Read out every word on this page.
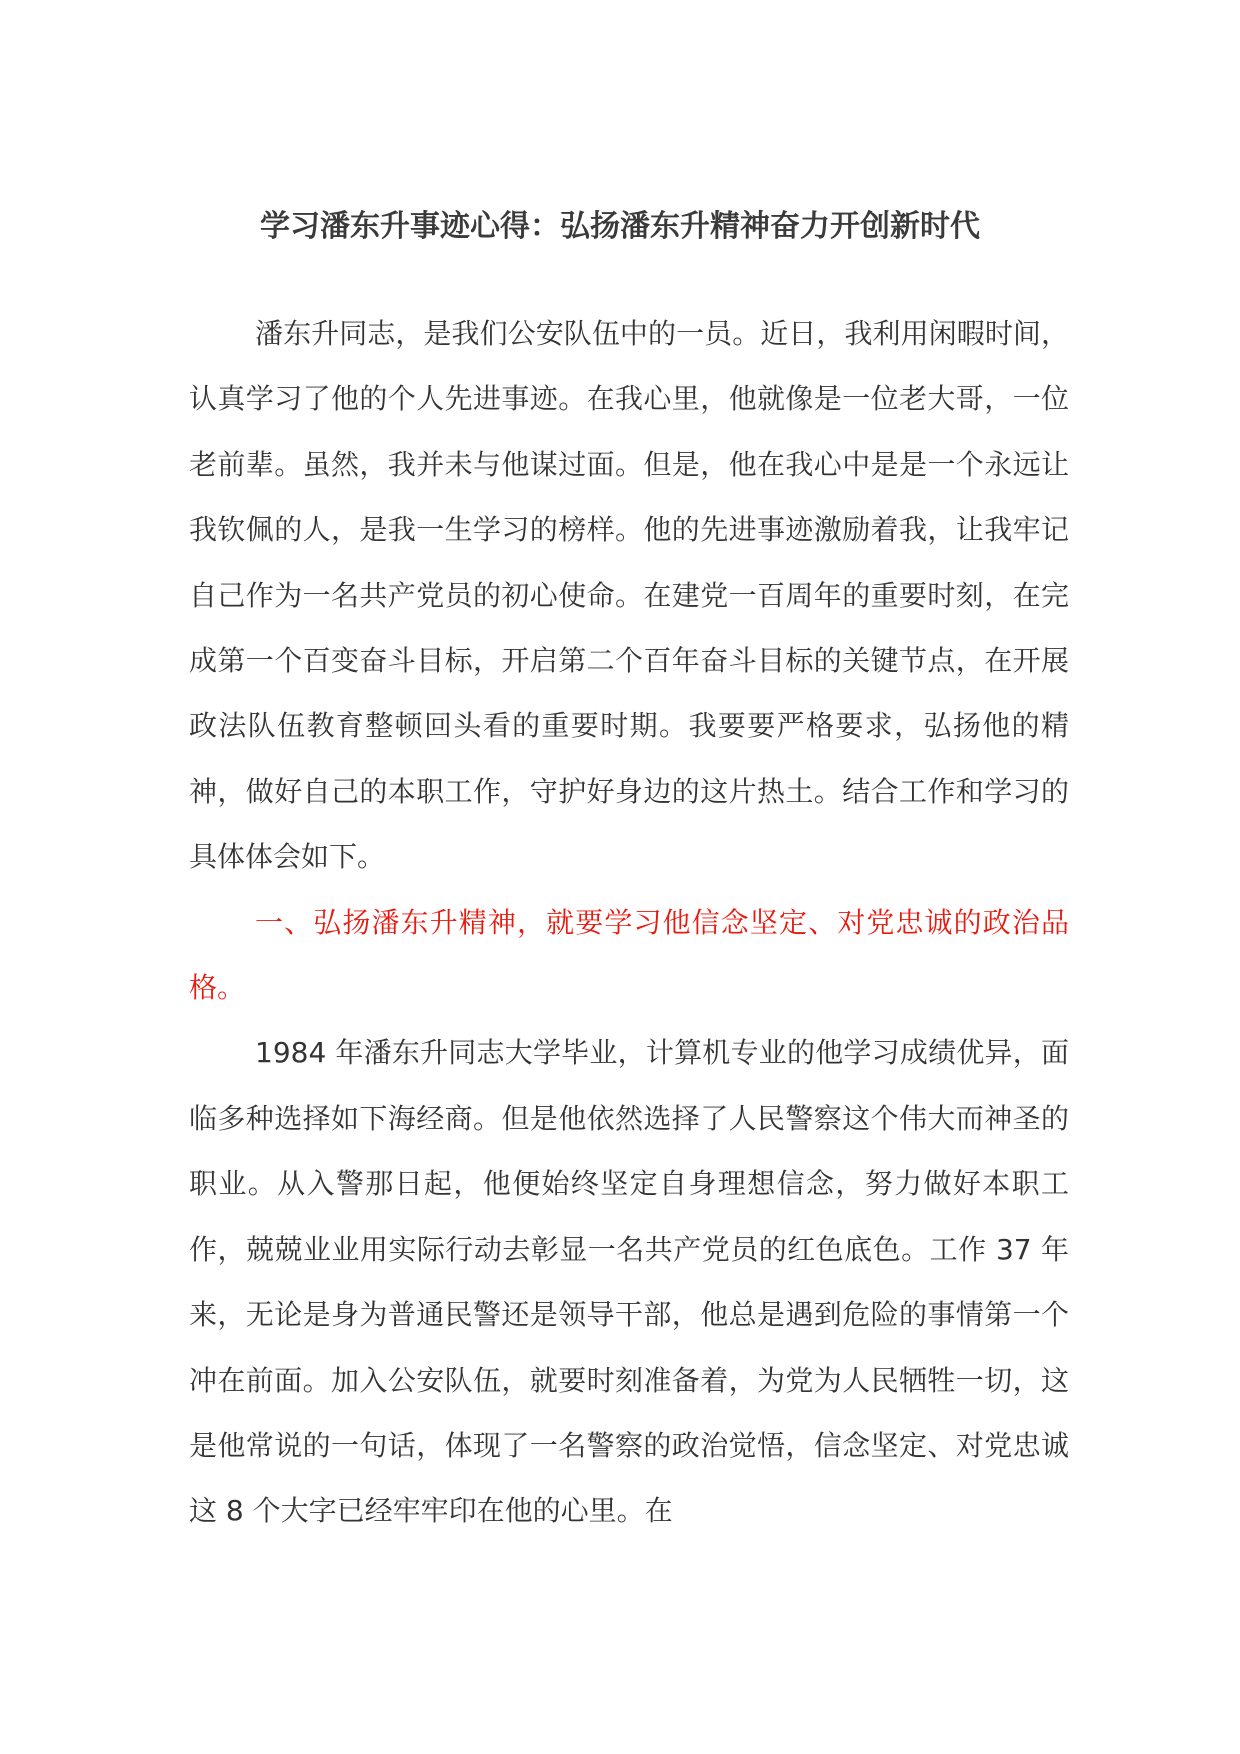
学习潘东升事迹心得：弘扬潘东升精神奋力开创新时代

潘东升同志，是我们公安队伍中的一员。近日，我利用闲暇时间，认真学习了他的个人先进事迹。在我心里，他就像是一位老大哥，一位老前辈。虽然，我并未与他谋过面。但是，他在我心中是是一个永远让我钦佩的人，是我一生学习的榜样。他的先进事迹激励着我，让我牢记自己作为一名共产党员的初心使命。在建党一百周年的重要时刻，在完成第一个百变奋斗目标，开启第二个百年奋斗目标的关键节点，在开展政法队伍教育整顿回头看的重要时期。我要要严格要求，弘扬他的精神，做好自己的本职工作，守护好身边的这片热土。结合工作和学习的具体体会如下。

一、弘扬潘东升精神，就要学习他信念坚定、对党忠诚的政治品格。

1984 年潘东升同志大学毕业，计算机专业的他学习成绩优异，面临多种选择如下海经商。但是他依然选择了人民警察这个伟大而神圣的职业。从入警那日起，他便始终坚定自身理想信念，努力做好本职工作，兢兢业业用实际行动去彰显一名共产党员的红色底色。工作 37 年来，无论是身为普通民警还是领导干部，他总是遇到危险的事情第一个冲在前面。加入公安队伍，就要时刻准备着，为党为人民牺牲一切，这是他常说的一句话，体现了一名警察的政治觉悟，信念坚定、对党忠诚这 8 个大字已经牢牢印在他的心里。在
